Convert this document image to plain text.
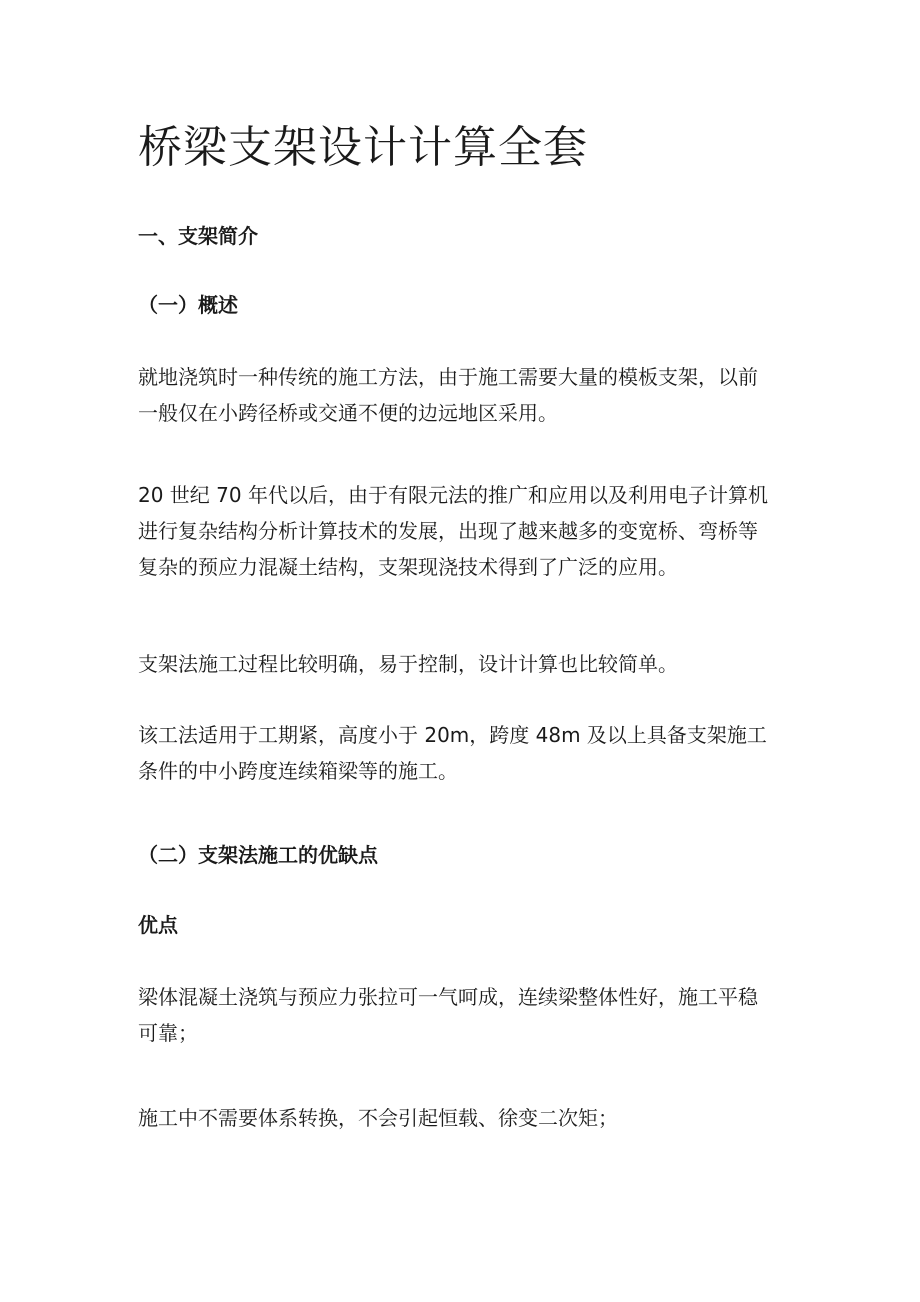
桥梁支架设计计算全套
一、支架简介
（一）概述

就地浇筑时一种传统的施工方法，由于施工需要大量的模板支架，以前
一般仅在小跨径桥或交通不便的边远地区采用。

20 世纪 70 年代以后，由于有限元法的推广和应用以及利用电子计算机
进行复杂结构分析计算技术的发展，出现了越来越多的变宽桥、弯桥等
复杂的预应力混凝土结构，支架现浇技术得到了广泛的应用。

支架法施工过程比较明确，易于控制，设计计算也比较简单。

该工法适用于工期紧，高度小于 20m，跨度 48m 及以上具备支架施工
条件的中小跨度连续箱梁等的施工。

（二）支架法施工的优缺点
优点

梁体混凝土浇筑与预应力张拉可一气呵成，连续梁整体性好，施工平稳
可靠；

施工中不需要体系转换，不会引起恒载、徐变二次矩；
